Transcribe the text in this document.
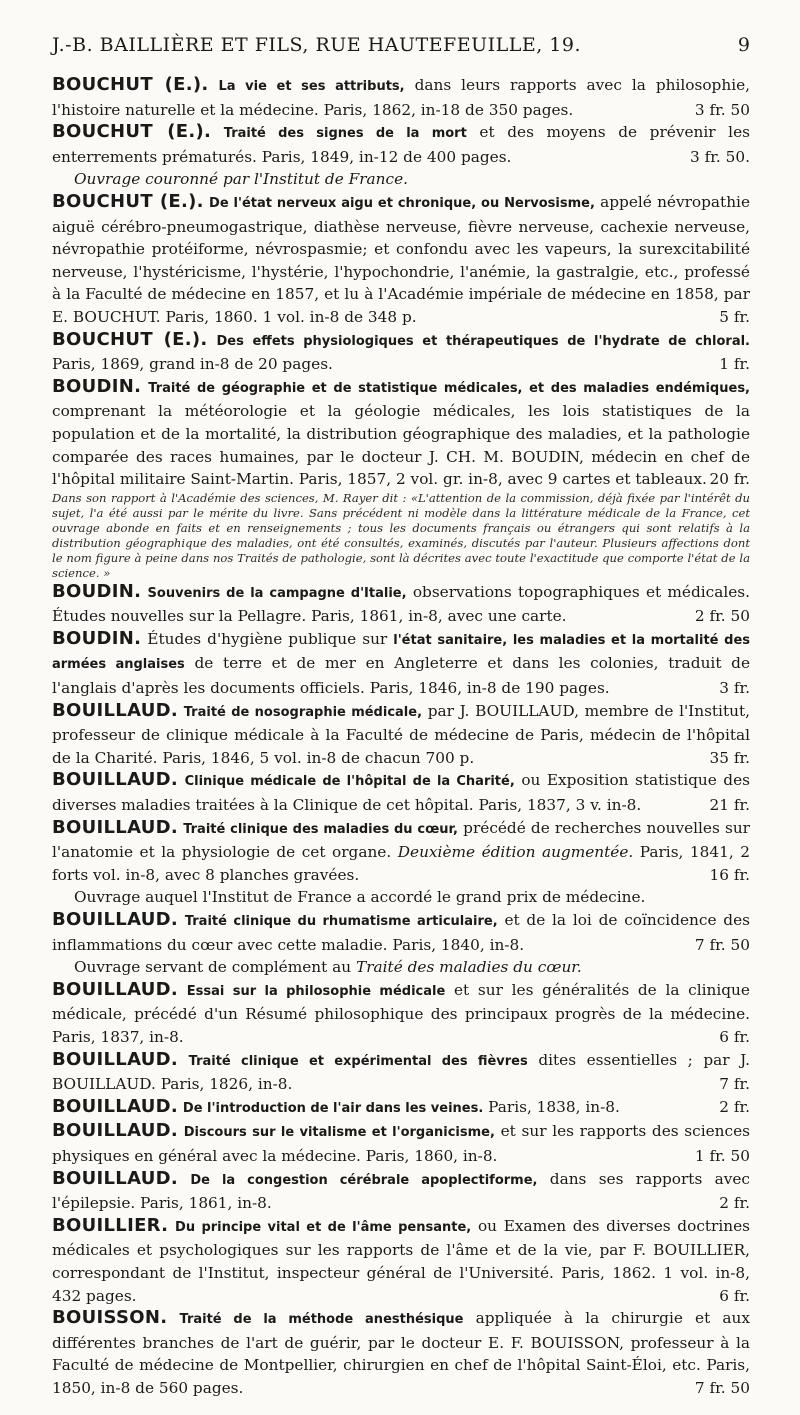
J.-B. BAILLIÈRE ET FILS, RUE HAUTEFEUILLE, 19.	9

BOUCHUT (E.). La vie et ses attributs, dans leurs rapports avec la philosophie, l'histoire naturelle et la médecine. Paris, 1862, in-18 de 350 pages.	3 fr. 50

BOUCHUT (E.). Traité des signes de la mort et des moyens de prévenir les enterrements prématurés. Paris, 1849, in-12 de 400 pages.	3 fr. 50.
Ouvrage couronné par l'Institut de France.

BOUCHUT (E.). De l'état nerveux aigu et chronique, ou Nervosisme, appelé névropathie aiguë cérébro-pneumogastrique, diathèse nerveuse, fièvre nerveuse, cachexie nerveuse, névropathie protéiforme, névrospasmie; et confondu avec les vapeurs, la surexcitabilité nerveuse, l'hystéricisme, l'hystérie, l'hypochondrie, l'anémie, la gastralgie, etc., professé à la Faculté de médecine en 1857, et lu à l'Académie impériale de médecine en 1858, par E. BOUCHUT. Paris, 1860. 1 vol. in-8 de 348 p.	5 fr.

BOUCHUT (E.). Des effets physiologiques et thérapeutiques de l'hydrate de chloral. Paris, 1869, grand in-8 de 20 pages.	1 fr.

BOUDIN. Traité de géographie et de statistique médicales, et des maladies endémiques, comprenant la météorologie et la géologie médicales, les lois statistiques de la population et de la mortalité, la distribution géographique des maladies, et la pathologie comparée des races humaines, par le docteur J. CH. M. BOUDIN, médecin en chef de l'hôpital militaire Saint-Martin. Paris, 1857, 2 vol. gr. in-8, avec 9 cartes et tableaux. 20 fr.
Dans son rapport à l'Académie des sciences, M. Rayer dit : «L'attention de la commission, déjà fixée par l'intérêt du sujet, l'a été aussi par le mérite du livre. Sans précédent ni modèle dans la littérature médicale de la France, cet ouvrage abonde en faits et en renseignements ; tous les documents français ou étrangers qui sont relatifs à la distribution géographique des maladies, ont été consultés, examinés, discutés par l'auteur. Plusieurs affections dont le nom figure à peine dans nos Traités de pathologie, sont là décrites avec toute l'exactitude que comporte l'état de la science. »

BOUDIN. Souvenirs de la campagne d'Italie, observations topographiques et médicales. Études nouvelles sur la Pellagre. Paris, 1861, in-8, avec une carte.	2 fr. 50

BOUDIN. Études d'hygiène publique sur l'état sanitaire, les maladies et la mortalité des armées anglaises de terre et de mer en Angleterre et dans les colonies, traduit de l'anglais d'après les documents officiels. Paris, 1846, in-8 de 190 pages.	3 fr.

BOUILLAUD. Traité de nosographie médicale, par J. BOUILLAUD, membre de l'Institut, professeur de clinique médicale à la Faculté de médecine de Paris, médecin de l'hôpital de la Charité. Paris, 1846, 5 vol. in-8 de chacun 700 p.	35 fr.

BOUILLAUD. Clinique médicale de l'hôpital de la Charité, ou Exposition statistique des diverses maladies traitées à la Clinique de cet hôpital. Paris, 1837, 3 v. in-8.	21 fr.

BOUILLAUD. Traité clinique des maladies du cœur, précédé de recherches nouvelles sur l'anatomie et la physiologie de cet organe. Deuxième édition augmentée. Paris, 1841, 2 forts vol. in-8, avec 8 planches gravées.	16 fr.
Ouvrage auquel l'Institut de France a accordé le grand prix de médecine.

BOUILLAUD. Traité clinique du rhumatisme articulaire, et de la loi de coïncidence des inflammations du cœur avec cette maladie. Paris, 1840, in-8.	7 fr. 50
Ouvrage servant de complément au Traité des maladies du cœur.

BOUILLAUD. Essai sur la philosophie médicale et sur les généralités de la clinique médicale, précédé d'un Résumé philosophique des principaux progrès de la médecine. Paris, 1837, in-8.	6 fr.

BOUILLAUD. Traité clinique et expérimental des fièvres dites essentielles ; par J. BOUILLAUD. Paris, 1826, in-8.	7 fr.

BOUILLAUD. De l'introduction de l'air dans les veines. Paris, 1838, in-8.	2 fr.

BOUILLAUD. Discours sur le vitalisme et l'organicisme, et sur les rapports des sciences physiques en général avec la médecine. Paris, 1860, in-8.	1 fr. 50

BOUILLAUD. De la congestion cérébrale apoplectiforme, dans ses rapports avec l'épilepsie. Paris, 1861, in-8.	2 fr.

BOUILLIER. Du principe vital et de l'âme pensante, ou Examen des diverses doctrines médicales et psychologiques sur les rapports de l'âme et de la vie, par F. BOUILLIER, correspondant de l'Institut, inspecteur général de l'Université. Paris, 1862. 1 vol. in-8, 432 pages.	6 fr.

BOUISSON. Traité de la méthode anesthésique appliquée à la chirurgie et aux différentes branches de l'art de guérir, par le docteur E. F. BOUISSON, professeur à la Faculté de médecine de Montpellier, chirurgien en chef de l'hôpital Saint-Éloi, etc. Paris, 1850, in-8 de 560 pages.	7 fr. 50
